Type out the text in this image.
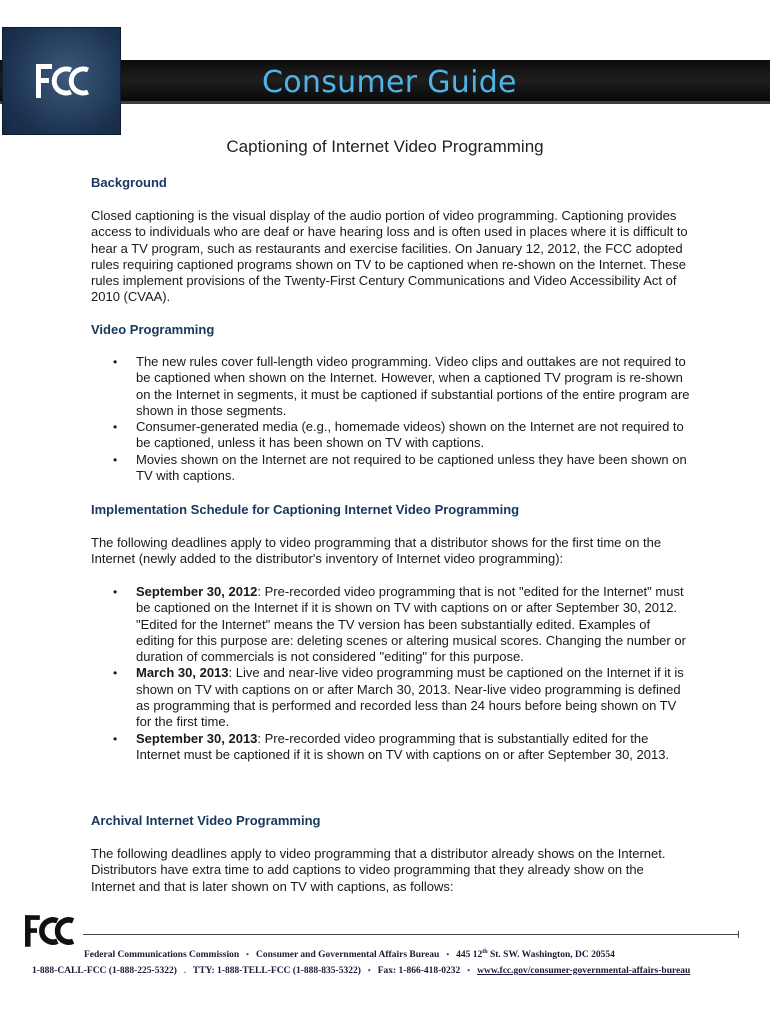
Consumer Guide
Captioning of Internet Video Programming
Background

Closed captioning is the visual display of the audio portion of video programming. Captioning provides access to individuals who are deaf or have hearing loss and is often used in places where it is difficult to hear a TV program, such as restaurants and exercise facilities. On January 12, 2012, the FCC adopted rules requiring captioned programs shown on TV to be captioned when re-shown on the Internet. These rules implement provisions of the Twenty-First Century Communications and Video Accessibility Act of 2010 (CVAA).

Video Programming
• The new rules cover full-length video programming. Video clips and outtakes are not required to be captioned when shown on the Internet. However, when a captioned TV program is re-shown on the Internet in segments, it must be captioned if substantial portions of the entire program are shown in those segments.
• Consumer-generated media (e.g., homemade videos) shown on the Internet are not required to be captioned, unless it has been shown on TV with captions.
• Movies shown on the Internet are not required to be captioned unless they have been shown on TV with captions.
Implementation Schedule for Captioning Internet Video Programming

The following deadlines apply to video programming that a distributor shows for the first time on the Internet (newly added to the distributor's inventory of Internet video programming):

• September 30, 2012: Pre-recorded video programming that is not "edited for the Internet" must be captioned on the Internet if it is shown on TV with captions on or after September 30, 2012. "Edited for the Internet" means the TV version has been substantially edited. Examples of editing for this purpose are: deleting scenes or altering musical scores. Changing the number or duration of commercials is not considered "editing" for this purpose.
• March 30, 2013: Live and near-live video programming must be captioned on the Internet if it is shown on TV with captions on or after March 30, 2013. Near-live video programming is defined as programming that is performed and recorded less than 24 hours before being shown on TV for the first time.
• September 30, 2013: Pre-recorded video programming that is substantially edited for the Internet must be captioned if it is shown on TV with captions on or after September 30, 2013.
Archival Internet Video Programming

The following deadlines apply to video programming that a distributor already shows on the Internet. Distributors have extra time to add captions to video programming that they already show on the Internet and that is later shown on TV with captions, as follows:

Federal Communications Commission • Consumer and Governmental Affairs Bureau • 445 12th St. SW. Washington, DC 20554
1-888-CALL-FCC (1-888-225-5322) . TTY: 1-888-TELL-FCC (1-888-835-5322) • Fax: 1-866-418-0232 • www.fcc.gov/consumer-governmental-affairs-bureau
